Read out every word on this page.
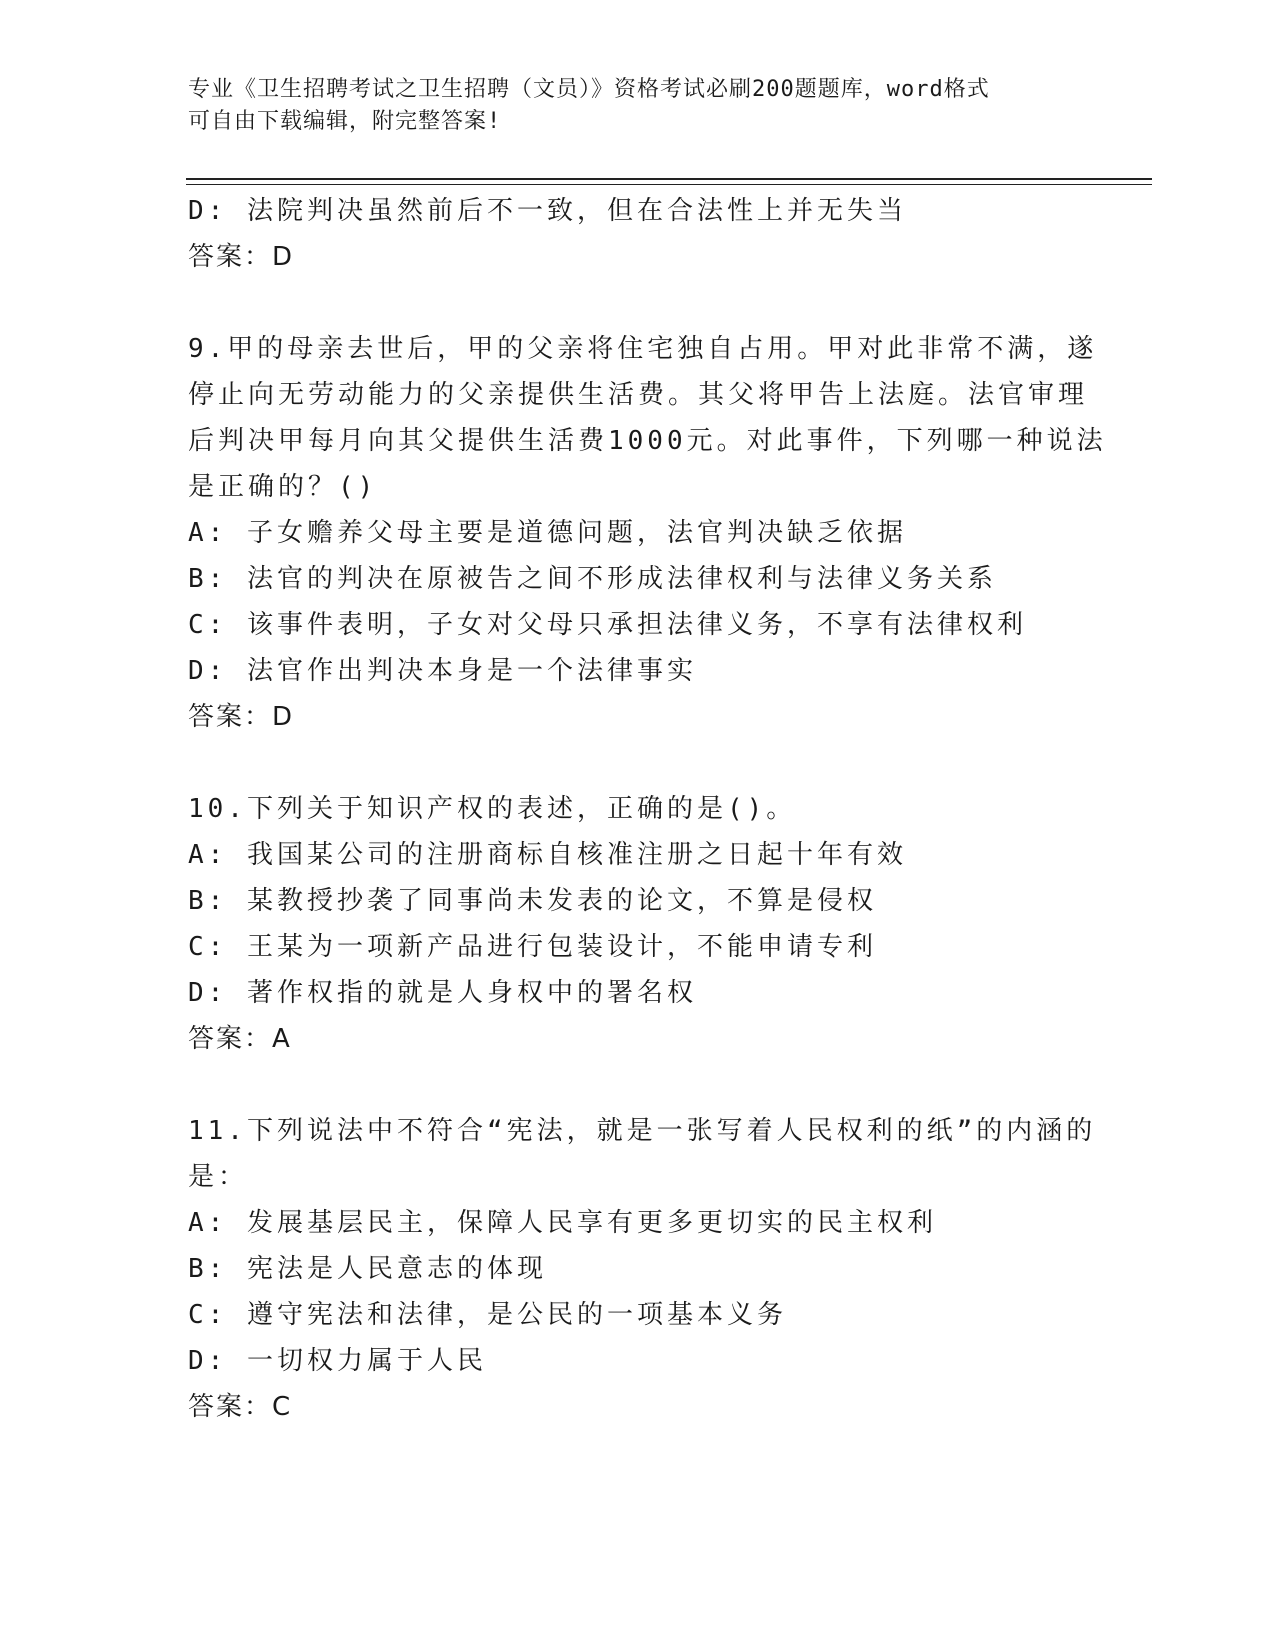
专业《卫生招聘考试之卫生招聘（文员）》资格考试必刷200题题库，word格式
可自由下载编辑，附完整答案!
D: 法院判决虽然前后不一致，但在合法性上并无失当
答案：D
9.甲的母亲去世后，甲的父亲将住宅独自占用。甲对此非常不满，遂
停止向无劳动能力的父亲提供生活费。其父将甲告上法庭。法官审理
后判决甲每月向其父提供生活费1000元。对此事件，下列哪一种说法
是正确的？()
A: 子女赡养父母主要是道德问题，法官判决缺乏依据
B: 法官的判决在原被告之间不形成法律权利与法律义务关系
C: 该事件表明，子女对父母只承担法律义务，不享有法律权利
D: 法官作出判决本身是一个法律事实
答案：D
10.下列关于知识产权的表述，正确的是()。
A: 我国某公司的注册商标自核准注册之日起十年有效
B: 某教授抄袭了同事尚未发表的论文，不算是侵权
C: 王某为一项新产品进行包装设计，不能申请专利
D: 著作权指的就是人身权中的署名权
答案：A
11.下列说法中不符合“宪法，就是一张写着人民权利的纸”的内涵的
是：
A: 发展基层民主，保障人民享有更多更切实的民主权利
B: 宪法是人民意志的体现
C: 遵守宪法和法律，是公民的一项基本义务
D: 一切权力属于人民
答案：C
